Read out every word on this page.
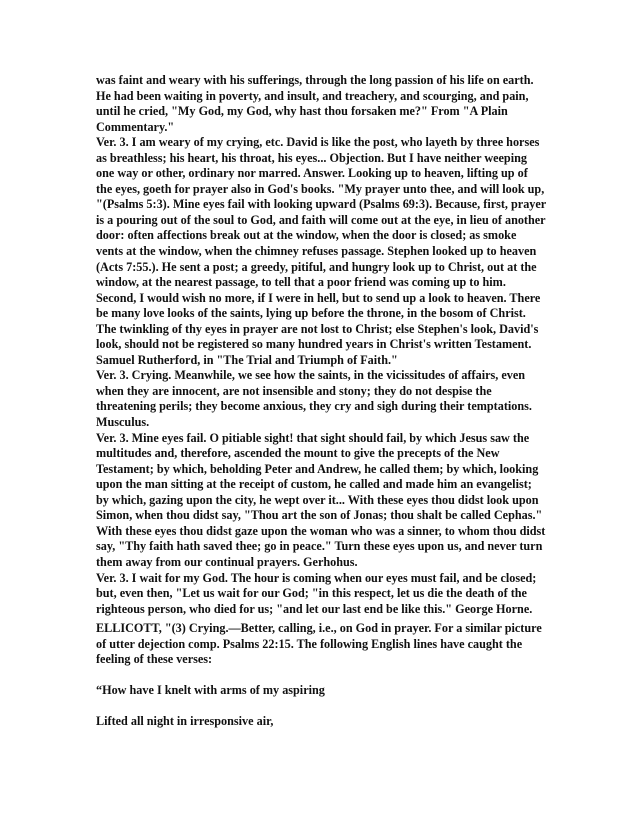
was faint and weary with his sufferings, through the long passion of his life on earth. He had been waiting in poverty, and insult, and treachery, and scourging, and pain, until he cried, "My God, my God, why hast thou forsaken me?" From "A Plain Commentary."

Ver. 3. I am weary of my crying, etc. David is like the post, who layeth by three horses as breathless; his heart, his throat, his eyes... Objection. But I have neither weeping one way or other, ordinary nor marred. Answer. Looking up to heaven, lifting up of the eyes, goeth for prayer also in God's books. "My prayer unto thee, and will look up, "(Psalms 5:3). Mine eyes fail with looking upward (Psalms 69:3). Because, first, prayer is a pouring out of the soul to God, and faith will come out at the eye, in lieu of another door: often affections break out at the window, when the door is closed; as smoke vents at the window, when the chimney refuses passage. Stephen looked up to heaven (Acts 7:55.). He sent a post; a greedy, pitiful, and hungry look up to Christ, out at the window, at the nearest passage, to tell that a poor friend was coming up to him. Second, I would wish no more, if I were in hell, but to send up a look to heaven. There be many love looks of the saints, lying up before the throne, in the bosom of Christ. The twinkling of thy eyes in prayer are not lost to Christ; else Stephen's look, David's look, should not be registered so many hundred years in Christ's written Testament. Samuel Rutherford, in "The Trial and Triumph of Faith."

Ver. 3. Crying. Meanwhile, we see how the saints, in the vicissitudes of affairs, even when they are innocent, are not insensible and stony; they do not despise the threatening perils; they become anxious, they cry and sigh during their temptations. Musculus.

Ver. 3. Mine eyes fail. O pitiable sight! that sight should fail, by which Jesus saw the multitudes and, therefore, ascended the mount to give the precepts of the New Testament; by which, beholding Peter and Andrew, he called them; by which, looking upon the man sitting at the receipt of custom, he called and made him an evangelist; by which, gazing upon the city, he wept over it... With these eyes thou didst look upon Simon, when thou didst say, "Thou art the son of Jonas; thou shalt be called Cephas." With these eyes thou didst gaze upon the woman who was a sinner, to whom thou didst say, "Thy faith hath saved thee; go in peace." Turn these eyes upon us, and never turn them away from our continual prayers. Gerhohus.

Ver. 3. I wait for my God. The hour is coming when our eyes must fail, and be closed; but, even then, "Let us wait for our God; "in this respect, let us die the death of the righteous person, who died for us; "and let our last end be like this." George Horne.

ELLICOTT, "(3) Crying.—Better, calling, i.e., on God in prayer. For a similar picture of utter dejection comp. Psalms 22:15. The following English lines have caught the feeling of these verses:

“How have I knelt with arms of my aspiring

Lifted all night in irresponsive air,
